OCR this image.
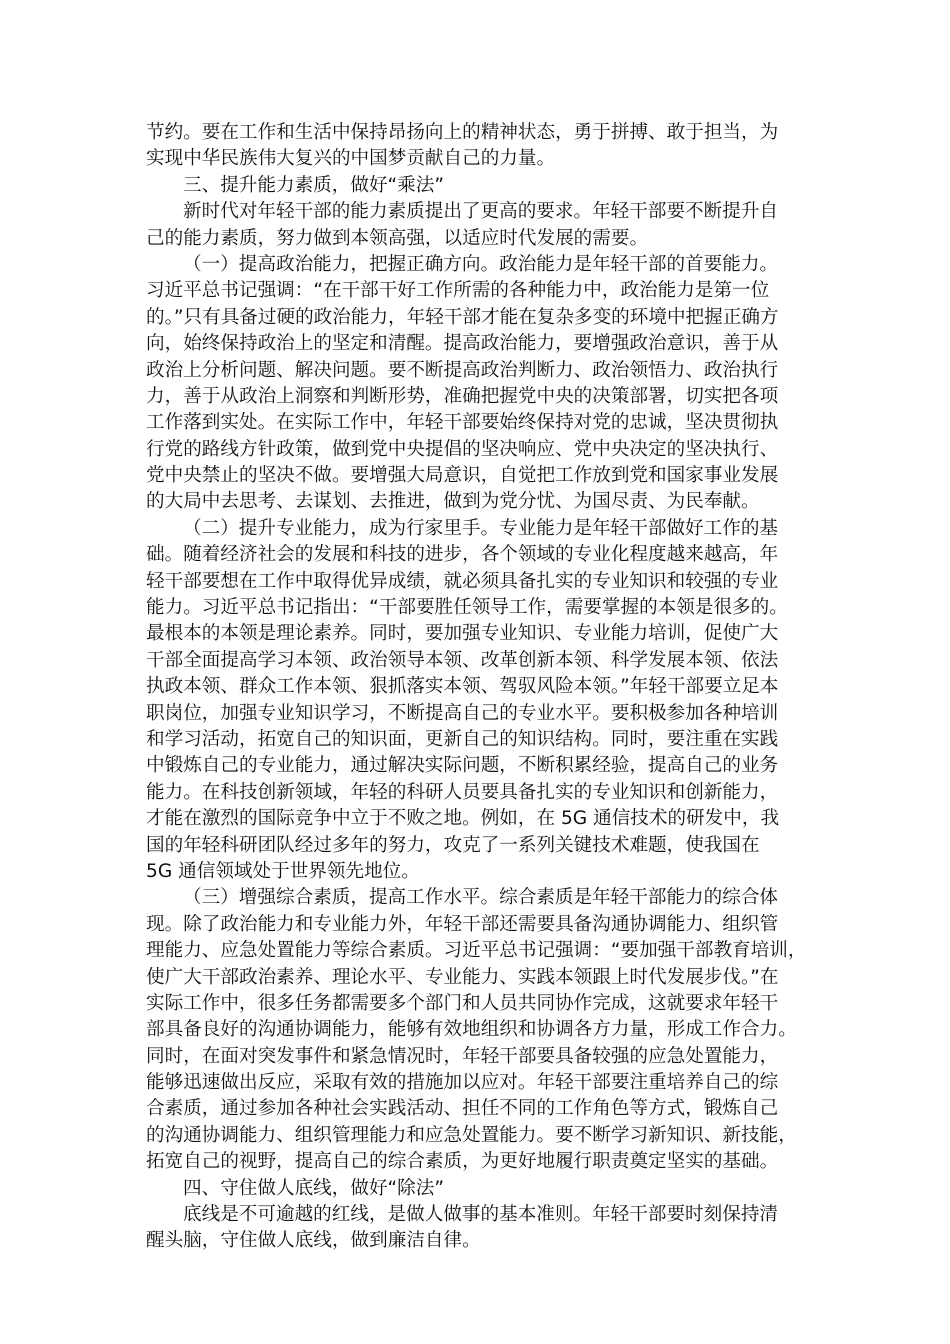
节约。要在工作和生活中保持昂扬向上的精神状态，勇于拼搏、敢于担当，为
实现中华民族伟大复兴的中国梦贡献自己的力量。
三、提升能力素质，做好“乘法”
新时代对年轻干部的能力素质提出了更高的要求。年轻干部要不断提升自
己的能力素质，努力做到本领高强，以适应时代发展的需要。
（一）提高政治能力，把握正确方向。政治能力是年轻干部的首要能力。
习近平总书记强调：“在干部干好工作所需的各种能力中，政治能力是第一位
的。”只有具备过硬的政治能力，年轻干部才能在复杂多变的环境中把握正确方
向，始终保持政治上的坚定和清醒。提高政治能力，要增强政治意识，善于从
政治上分析问题、解决问题。要不断提高政治判断力、政治领悟力、政治执行
力，善于从政治上洞察和判断形势，准确把握党中央的决策部署，切实把各项
工作落到实处。在实际工作中，年轻干部要始终保持对党的忠诚，坚决贯彻执
行党的路线方针政策，做到党中央提倡的坚决响应、党中央决定的坚决执行、
党中央禁止的坚决不做。要增强大局意识，自觉把工作放到党和国家事业发展
的大局中去思考、去谋划、去推进，做到为党分忧、为国尽责、为民奉献。
（二）提升专业能力，成为行家里手。专业能力是年轻干部做好工作的基
础。随着经济社会的发展和科技的进步，各个领域的专业化程度越来越高，年
轻干部要想在工作中取得优异成绩，就必须具备扎实的专业知识和较强的专业
能力。习近平总书记指出：“干部要胜任领导工作，需要掌握的本领是很多的。
最根本的本领是理论素养。同时，要加强专业知识、专业能力培训，促使广大
干部全面提高学习本领、政治领导本领、改革创新本领、科学发展本领、依法
执政本领、群众工作本领、狠抓落实本领、驾驭风险本领。”年轻干部要立足本
职岗位，加强专业知识学习，不断提高自己的专业水平。要积极参加各种培训
和学习活动，拓宽自己的知识面，更新自己的知识结构。同时，要注重在实践
中锻炼自己的专业能力，通过解决实际问题，不断积累经验，提高自己的业务
能力。在科技创新领域，年轻的科研人员要具备扎实的专业知识和创新能力，
才能在激烈的国际竞争中立于不败之地。例如，在 5G 通信技术的研发中，我
国的年轻科研团队经过多年的努力，攻克了一系列关键技术难题，使我国在
5G 通信领域处于世界领先地位。
（三）增强综合素质，提高工作水平。综合素质是年轻干部能力的综合体
现。除了政治能力和专业能力外，年轻干部还需要具备沟通协调能力、组织管
理能力、应急处置能力等综合素质。习近平总书记强调：“要加强干部教育培训，
使广大干部政治素养、理论水平、专业能力、实践本领跟上时代发展步伐。”在
实际工作中，很多任务都需要多个部门和人员共同协作完成，这就要求年轻干
部具备良好的沟通协调能力，能够有效地组织和协调各方力量，形成工作合力。
同时，在面对突发事件和紧急情况时，年轻干部要具备较强的应急处置能力，
能够迅速做出反应，采取有效的措施加以应对。年轻干部要注重培养自己的综
合素质，通过参加各种社会实践活动、担任不同的工作角色等方式，锻炼自己
的沟通协调能力、组织管理能力和应急处置能力。要不断学习新知识、新技能，
拓宽自己的视野，提高自己的综合素质，为更好地履行职责奠定坚实的基础。
四、守住做人底线，做好“除法”
底线是不可逾越的红线，是做人做事的基本准则。年轻干部要时刻保持清
醒头脑，守住做人底线，做到廉洁自律。
